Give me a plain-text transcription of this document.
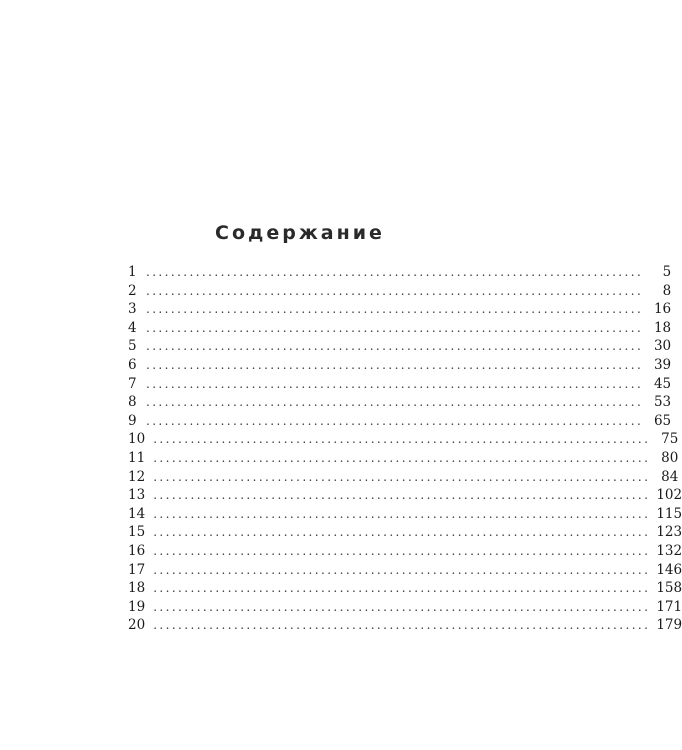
Содержание
1 ................................................................................	5
2 ................................................................................	8
3 ................................................................................ 16
4 ................................................................................ 18
5 ................................................................................ 30
6 ................................................................................ 39
7 ................................................................................ 45
8 ................................................................................ 53
9 ................................................................................ 65
10 ................................................................................ 75
11 ................................................................................ 80
12 ................................................................................ 84
13 ................................................................................ 102
14 ................................................................................ 115
15 ................................................................................ 123
16 ................................................................................ 132
17 ................................................................................ 146
18 ................................................................................ 158
19 ................................................................................ 171
20 ................................................................................ 179
